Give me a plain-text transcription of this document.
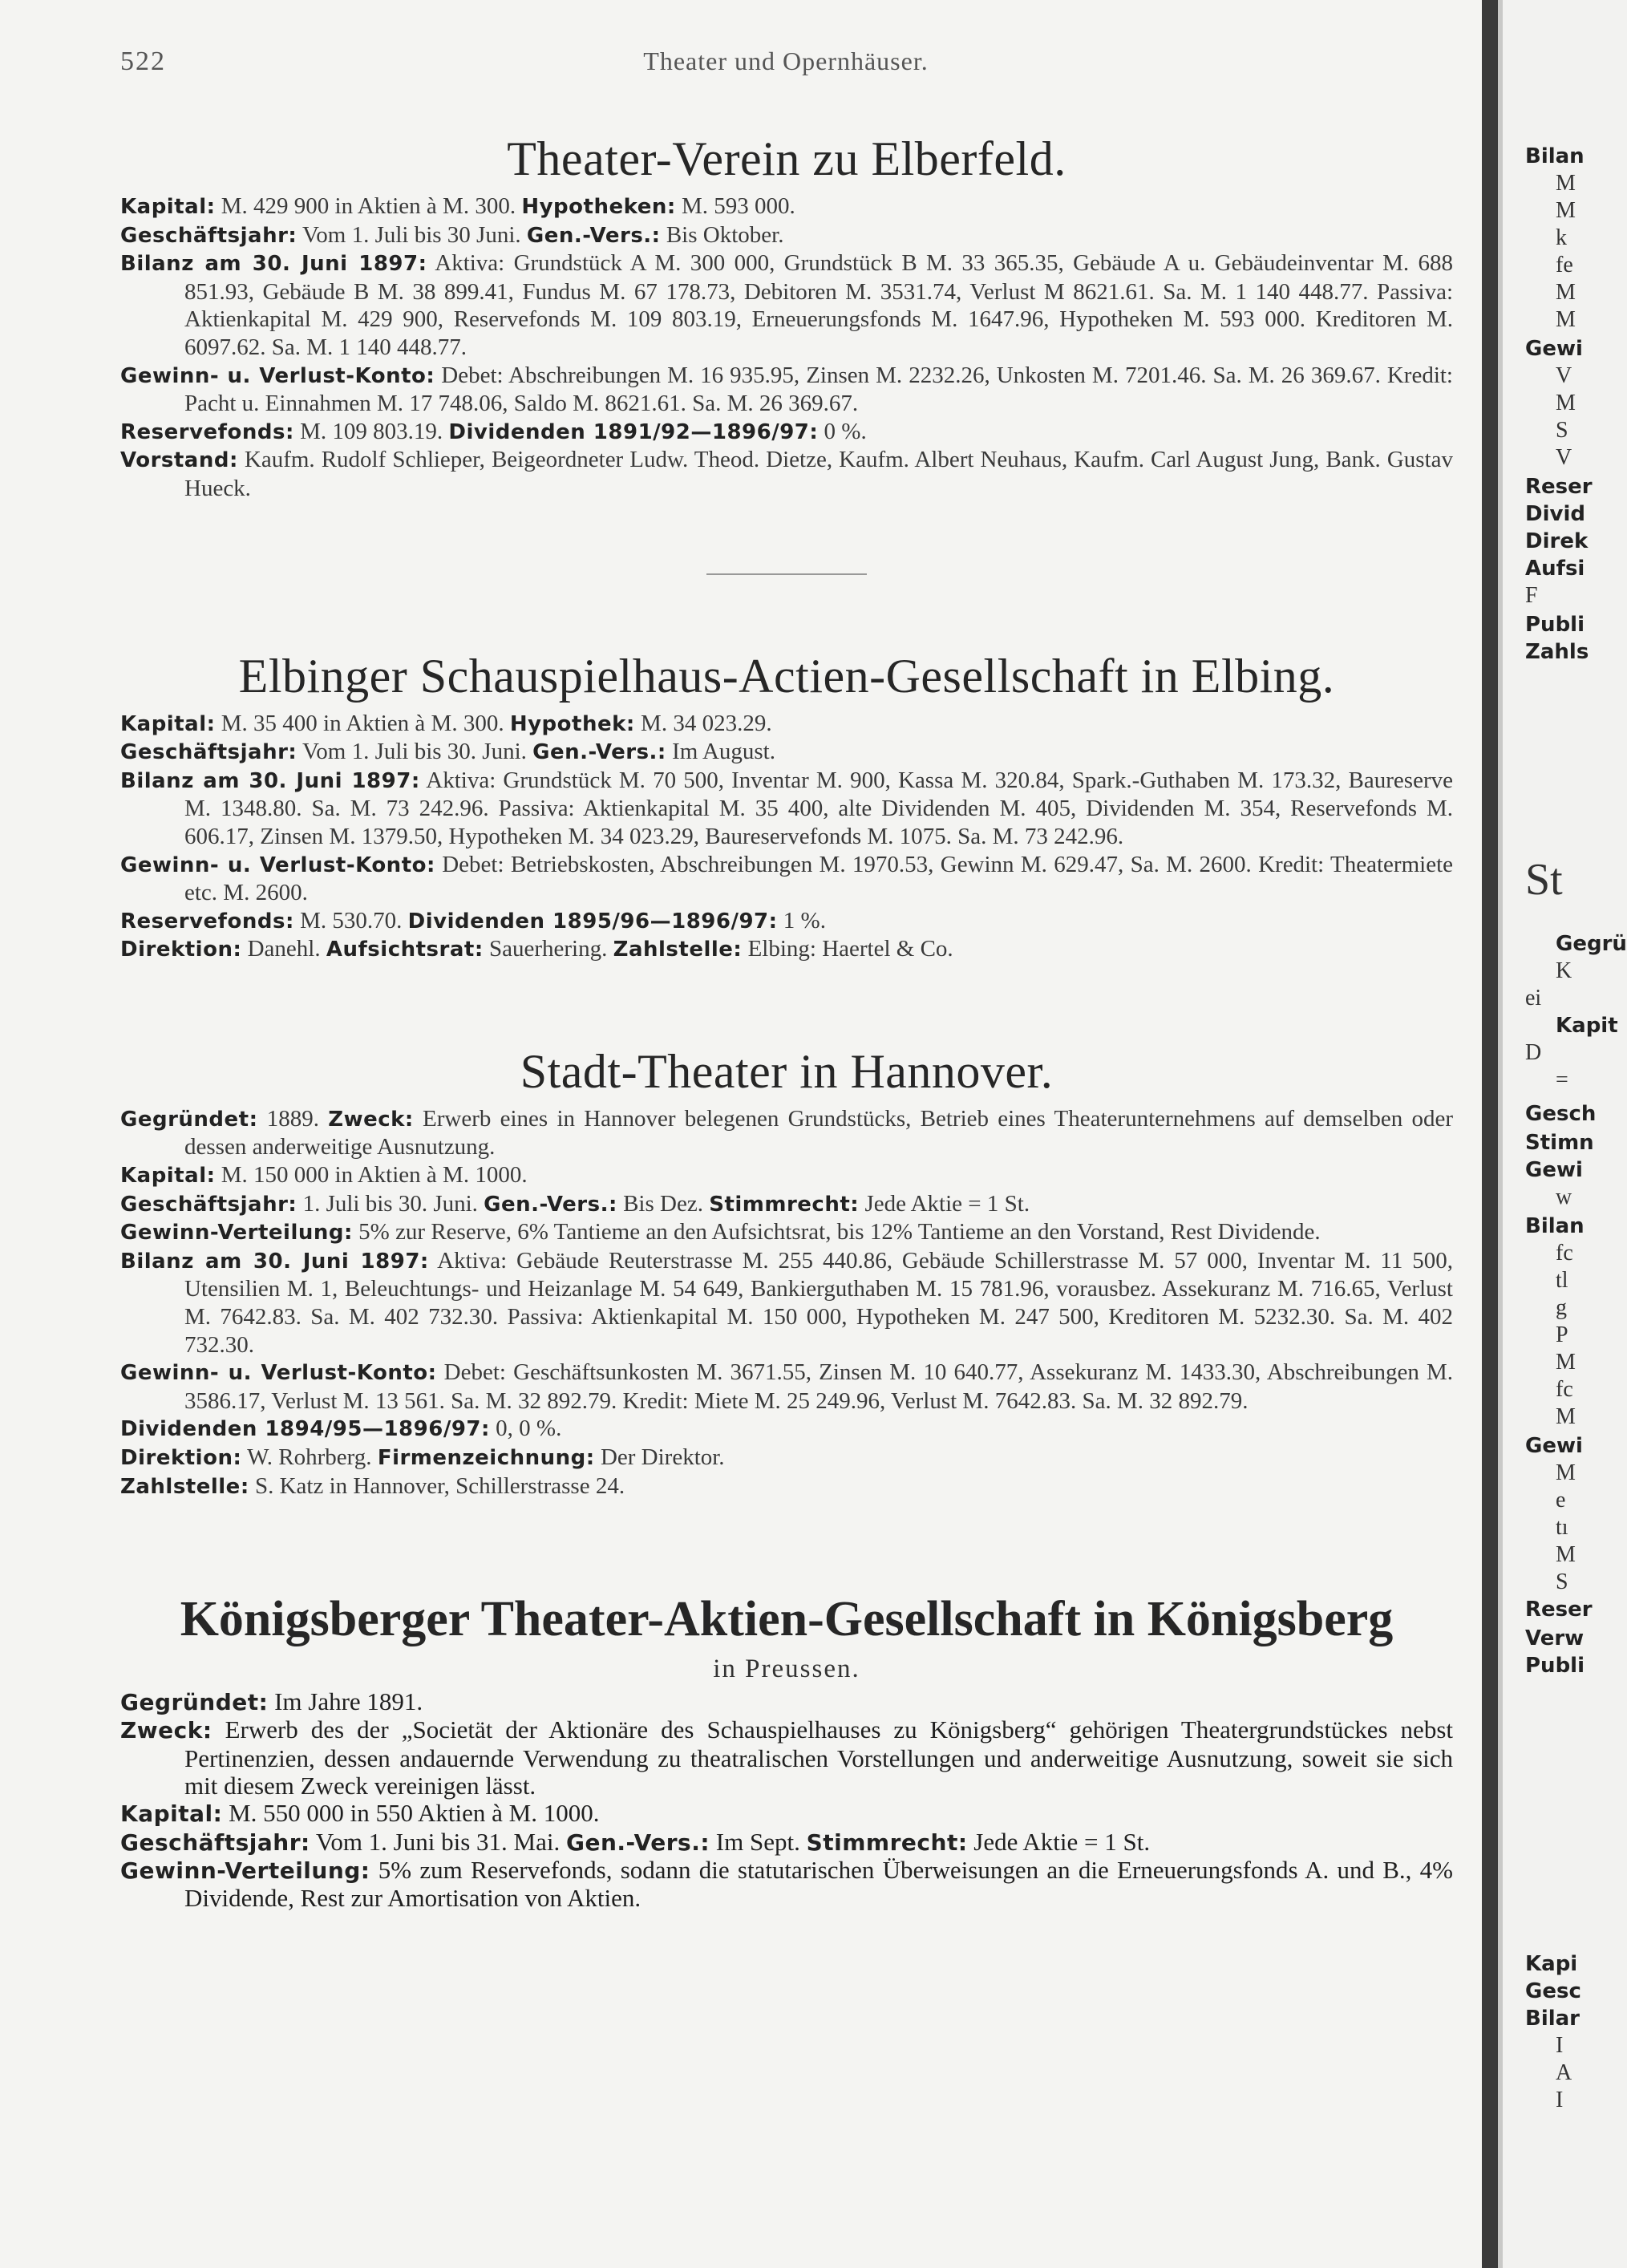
522	Theater und Opernhäuser.
Theater-Verein zu Elberfeld.
Kapital: M. 429 900 in Aktien à M. 300. Hypotheken: M. 593 000.
Geschäftsjahr: Vom 1. Juli bis 30 Juni. Gen.-Vers.: Bis Oktober.
Bilanz am 30. Juni 1897: Aktiva: Grundstück A M. 300 000, Grundstück B M. 33 365.35, Gebäude A u. Gebäudeinventar M. 688 851.93, Gebäude B M. 38 899.41, Fundus M. 67 178.73, Debitoren M. 3531.74, Verlust M 8621.61. Sa. M. 1 140 448.77. Passiva: Aktienkapital M. 429 900, Reservefonds M. 109 803.19, Erneuerungsfonds M. 1647.96, Hypotheken M. 593 000. Kreditoren M. 6097.62. Sa. M. 1 140 448.77.
Gewinn- u. Verlust-Konto: Debet: Abschreibungen M. 16 935.95, Zinsen M. 2232.26, Unkosten M. 7201.46. Sa. M. 26 369.67. Kredit: Pacht u. Einnahmen M. 17 748.06, Saldo M. 8621.61. Sa. M. 26 369.67.
Reservefonds: M. 109 803.19. Dividenden 1891/92—1896/97: 0 %.
Vorstand: Kaufm. Rudolf Schlieper, Beigeordneter Ludw. Theod. Dietze, Kaufm. Albert Neuhaus, Kaufm. Carl August Jung, Bank. Gustav Hueck.
Elbinger Schauspielhaus-Actien-Gesellschaft in Elbing.
Kapital: M. 35 400 in Aktien à M. 300. Hypothek: M. 34 023.29.
Geschäftsjahr: Vom 1. Juli bis 30. Juni. Gen.-Vers.: Im August.
Bilanz am 30. Juni 1897: Aktiva: Grundstück M. 70 500, Inventar M. 900, Kassa M. 320.84, Spark.-Guthaben M. 173.32, Baureserve M. 1348.80. Sa. M. 73 242.96. Passiva: Aktienkapital M. 35 400, alte Dividenden M. 405, Dividenden M. 354, Reservefonds M. 606.17, Zinsen M. 1379.50, Hypotheken M. 34 023.29, Baureservefonds M. 1075. Sa. M. 73 242.96.
Gewinn- u. Verlust-Konto: Debet: Betriebskosten, Abschreibungen M. 1970.53, Gewinn M. 629.47, Sa. M. 2600. Kredit: Theatermiete etc. M. 2600.
Reservefonds: M. 530.70. Dividenden 1895/96—1896/97: 1 %.
Direktion: Danehl. Aufsichtsrat: Sauerhering. Zahlstelle: Elbing: Haertel & Co.
Stadt-Theater in Hannover.
Gegründet: 1889. Zweck: Erwerb eines in Hannover belegenen Grundstücks, Betrieb eines Theaterunternehmens auf demselben oder dessen anderweitige Ausnutzung.
Kapital: M. 150 000 in Aktien à M. 1000.
Geschäftsjahr: 1. Juli bis 30. Juni. Gen.-Vers.: Bis Dez. Stimmrecht: Jede Aktie = 1 St.
Gewinn-Verteilung: 5% zur Reserve, 6% Tantieme an den Aufsichtsrat, bis 12% Tantieme an den Vorstand, Rest Dividende.
Bilanz am 30. Juni 1897: Aktiva: Gebäude Reuterstrasse M. 255 440.86, Gebäude Schillerstrasse M. 57 000, Inventar M. 11 500, Utensilien M. 1, Beleuchtungs- und Heizanlage M. 54 649, Bankierguthaben M. 15 781.96, vorausbez. Assekuranz M. 716.65, Verlust M. 7642.83. Sa. M. 402 732.30. Passiva: Aktienkapital M. 150 000, Hypotheken M. 247 500, Kreditoren M. 5232.30. Sa. M. 402 732.30.
Gewinn- u. Verlust-Konto: Debet: Geschäftsunkosten M. 3671.55, Zinsen M. 10 640.77, Assekuranz M. 1433.30, Abschreibungen M. 3586.17, Verlust M. 13 561. Sa. M. 32 892.79. Kredit: Miete M. 25 249.96, Verlust M. 7642.83. Sa. M. 32 892.79.
Dividenden 1894/95—1896/97: 0, 0 %.
Direktion: W. Rohrberg. Firmenzeichnung: Der Direktor.
Zahlstelle: S. Katz in Hannover, Schillerstrasse 24.
Königsberger Theater-Aktien-Gesellschaft in Königsberg
in Preussen.
Gegründet: Im Jahre 1891.
Zweck: Erwerb des der „Societät der Aktionäre des Schauspielhauses zu Königsberg“ gehörigen Theatergrundstückes nebst Pertinenzien, dessen andauernde Verwendung zu theatralischen Vorstellungen und anderweitige Ausnutzung, soweit sie sich mit diesem Zweck vereinigen lässt.
Kapital: M. 550 000 in 550 Aktien à M. 1000.
Geschäftsjahr: Vom 1. Juni bis 31. Mai. Gen.-Vers.: Im Sept. Stimmrecht: Jede Aktie = 1 St.
Gewinn-Verteilung: 5% zum Reservefonds, sodann die statutarischen Überweisungen an die Erneuerungsfonds A. und B., 4% Dividende, Rest zur Amortisation von Aktien.
Bilan
M
M
k
fe
M
M
Gewi
V
M
S
V
Reser
Divid
Direk
Aufsi
F
Publi
Zahls
St
Gegrü
K
ei
Kapit
D
=
Gesch
Stimn
Gewi
w
Bilan
fc
tl
g
P
M
fc
M
Gewi
M
e
tı
M
S
Reser
Verw
Publi
Kapi
Gesc
Bilar
I
A
I
